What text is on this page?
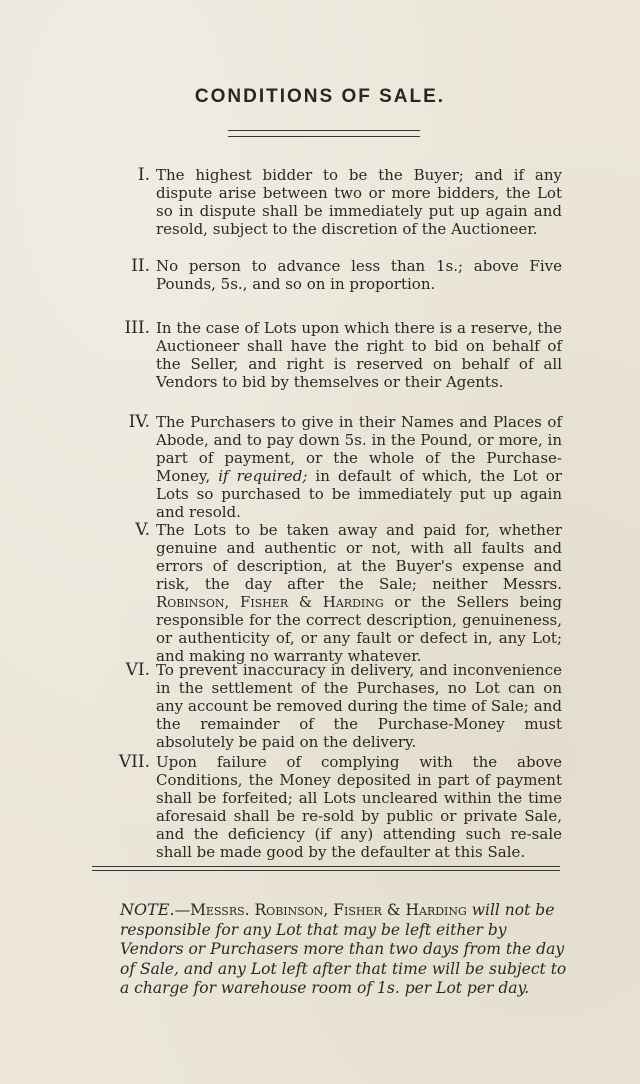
CONDITIONS OF SALE.
I. The highest bidder to be the Buyer; and if any dispute arise between two or more bidders, the Lot so in dispute shall be immediately put up again and resold, subject to the discretion of the Auctioneer.
II. No person to advance less than 1s.; above Five Pounds, 5s., and so on in proportion.
III. In the case of Lots upon which there is a reserve, the Auctioneer shall have the right to bid on behalf of the Seller, and right is reserved on behalf of all Vendors to bid by themselves or their Agents.
IV. The Purchasers to give in their Names and Places of Abode, and to pay down 5s. in the Pound, or more, in part of payment, or the whole of the Purchase-Money, if required; in default of which, the Lot or Lots so purchased to be immediately put up again and resold.
V. The Lots to be taken away and paid for, whether genuine and authentic or not, with all faults and errors of description, at the Buyer's expense and risk, the day after the Sale; neither Messrs. Robinson, Fisher & Harding or the Sellers being responsible for the correct description, genuineness, or authenticity of, or any fault or defect in, any Lot; and making no warranty whatever.
VI. To prevent inaccuracy in delivery, and inconvenience in the settlement of the Purchases, no Lot can on any account be removed during the time of Sale; and the remainder of the Purchase-Money must absolutely be paid on the delivery.
VII. Upon failure of complying with the above Conditions, the Money deposited in part of payment shall be forfeited; all Lots uncleared within the time aforesaid shall be re-sold by public or private Sale, and the deficiency (if any) attending such re-sale shall be made good by the defaulter at this Sale.
NOTE.—Messrs. Robinson, Fisher & Harding will not be responsible for any Lot that may be left either by Vendors or Purchasers more than two days from the day of Sale, and any Lot left after that time will be subject to a charge for warehouse room of 1s. per Lot per day.
